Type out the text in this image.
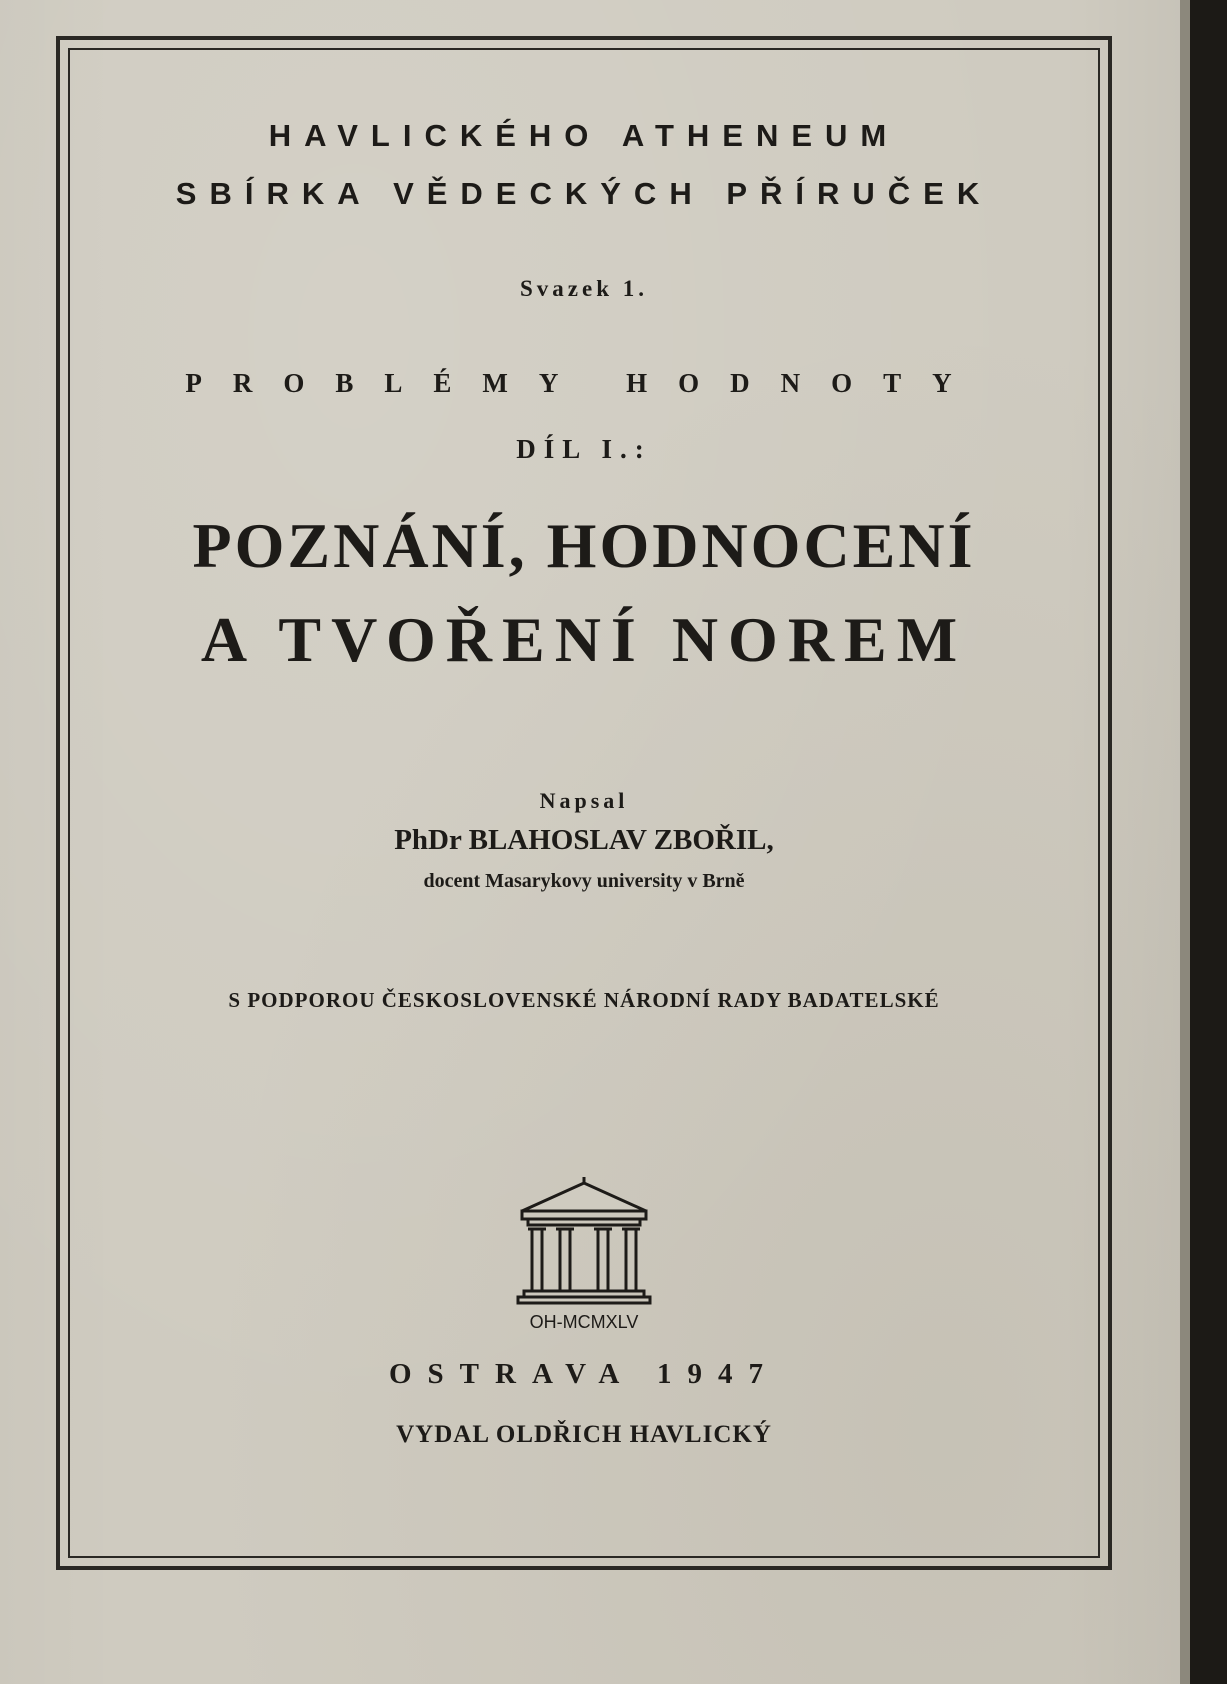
HAVLICKÉHO ATHENEUM

SBÍRKA VĚDECKÝCH PŘÍRUČEK

Svazek 1.

PROBLÉMY HODNOTY

DÍL I.:

POZNÁNÍ, HODNOCENÍ

A TVOŘENÍ NOREM

Napsal

PhDr BLAHOSLAV ZBOŘIL,

docent Masarykovy university v Brně

S PODPOROU ČESKOSLOVENSKÉ NÁRODNÍ RADY BADATELSKÉ

OH-MCMXLV

OSTRAVA 1947

VYDAL OLDŘICH HAVLICKÝ
